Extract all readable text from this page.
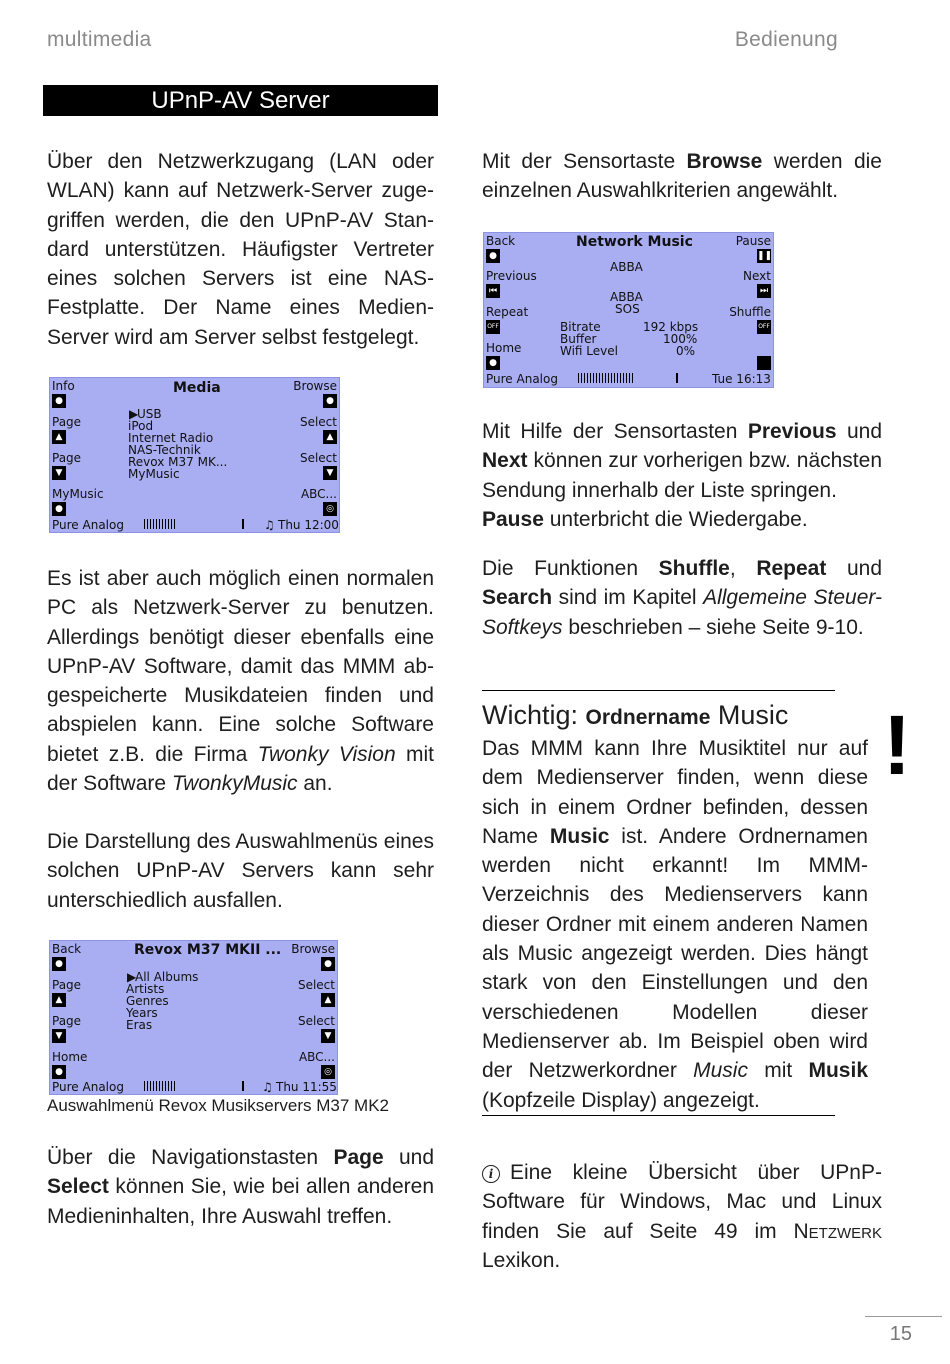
multimedia	Bedienung
UPnP-AV Server

Über den Netzwerkzugang (LAN oder WLAN) kann auf Netzwerk-Server zuge-griffen werden, die den UPnP-AV Stan-dard unterstützen. Häufigster Vertreter eines solchen Servers ist eine NAS-Festplatte. Der Name eines Medien-Server wird am Server selbst festgelegt.

Info	Media	Browse
●	●
Page	Select
▲	▲
Page	Select
▼	▼
MyMusic	ABC...
●	◎
▶
USB
iPod
Internet Radio
NAS-Technik
Revox M37 MK...
MyMusic
Pure Analog	♫ Thu 12:00

Es ist aber auch möglich einen normalen PC als Netzwerk-Server zu benutzen. Allerdings benötigt dieser ebenfalls eine UPnP-AV Software, damit das MMM ab-gespeicherte Musikdateien finden und abspielen kann. Eine solche Software bietet z.B. die Firma Twonky Vision mit der Software TwonkyMusic an.

Die Darstellung des Auswahlmenüs eines solchen UPnP-AV Servers kann sehr unterschiedlich ausfallen.

Back	Revox M37 MKII ... Browse
●	●
Page	Select
▲	▲
Page	Select
▼	▼
Home	ABC...
●	◎
▶
All Albums
Artists
Genres
Years
Eras
Pure Analog	♫ Thu 11:55
Auswahlmenü Revox Musikservers M37 MK2

Über die Navigationstasten Page und Select können Sie, wie bei allen anderen Medieninhalten, Ihre Auswahl treffen.

Mit der Sensortaste Browse werden die einzelnen Auswahlkriterien angewählt.

Back	Network Music	Pause
●	❚❚
Previous	Next
⏮	⏭
Repeat	Shuffle
OFF	OFF
Home
●
ABBA
ABBA
SOS
Bitrate	192 kbps
Buffer	100%
Wifi Level	0%
Pure Analog	Tue 16:13

Mit Hilfe der Sensortasten Previous und Next können zur vorherigen bzw. nächsten Sendung innerhalb der Liste springen.
Pause unterbricht die Wiedergabe.

Die Funktionen Shuffle, Repeat und Search sind im Kapitel Allgemeine Steuer-Softkeys beschrieben – siehe Seite 9-10.

Wichtig: Ordnername Music !

Das MMM kann Ihre Musiktitel nur auf dem Medienserver finden, wenn diese sich in einem Ordner befinden, dessen Name Music ist. Andere Ordnernamen werden nicht erkannt! Im MMM-Verzeichnis des Medienservers kann dieser Ordner mit einem anderen Namen als Music angezeigt werden. Dies hängt stark von den Einstellungen und den verschiedenen Modellen dieser Medienserver ab. Im Beispiel oben wird der Netzwerkordner Music mit Musik (Kopfzeile Display) angezeigt.

i Eine kleine Übersicht über UPnP-Software für Windows, Mac und Linux finden Sie auf Seite 49 im Netzwerk Lexikon.

15
